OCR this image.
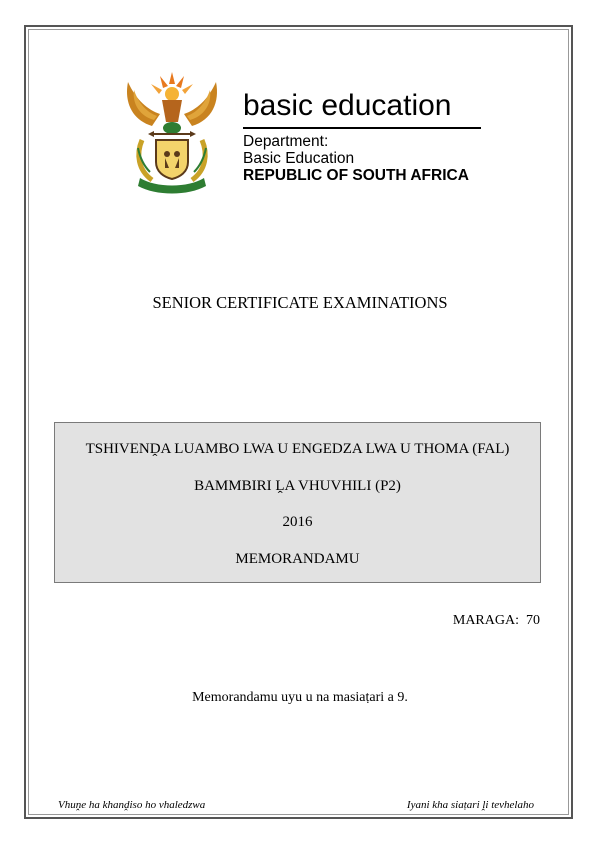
basic education
Department:
Basic Education
REPUBLIC OF SOUTH AFRICA
SENIOR CERTIFICATE EXAMINATIONS
TSHIVENḒA LUAMBO LWA U ENGEDZA LWA U THOMA (FAL)
BAMMBIRI ḼA VHUVHILI (P2)
2016
MEMORANDAMU
MARAGA:  70
Memorandamu uyu u na masiaṭari a 9.
Vhuṋe ha khanḓiso ho vhaledzwa	Iyani kha siaṭari ḽi tevhelaho
